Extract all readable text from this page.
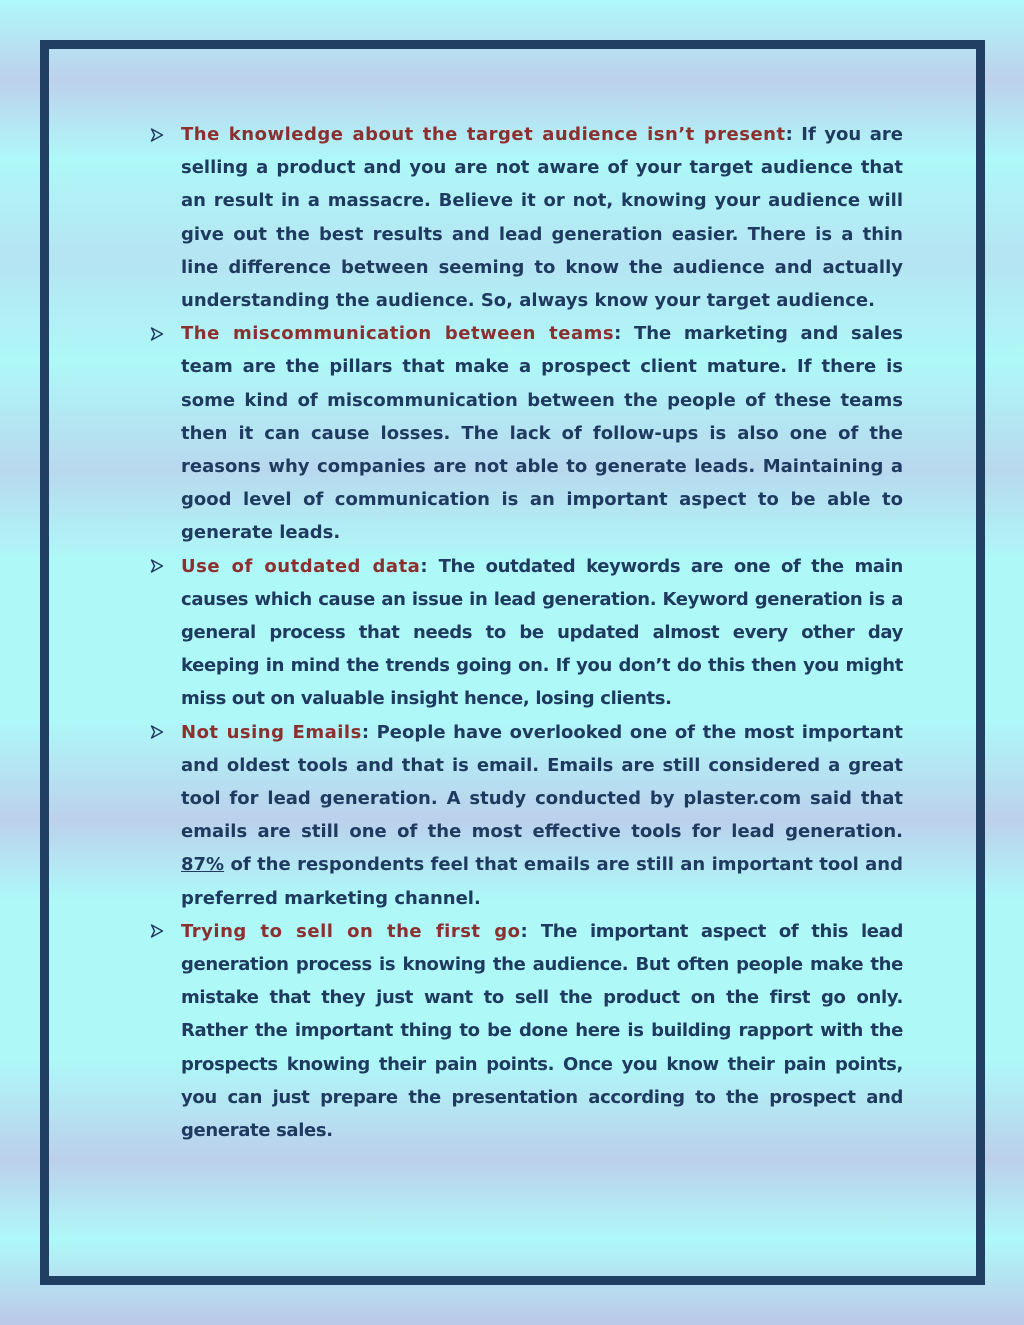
The knowledge about the target audience isn’t present: If you are selling a product and you are not aware of your target audience that an result in a massacre. Believe it or not, knowing your audience will give out the best results and lead generation easier. There is a thin line difference between seeming to know the audience and actually understanding the audience. So, always know your target audience.

The miscommunication between teams: The marketing and sales team are the pillars that make a prospect client mature. If there is some kind of miscommunication between the people of these teams then it can cause losses. The lack of follow-ups is also one of the reasons why companies are not able to generate leads. Maintaining a good level of communication is an important aspect to be able to generate leads.

Use of outdated data: The outdated keywords are one of the main causes which cause an issue in lead generation. Keyword generation is a general process that needs to be updated almost every other day keeping in mind the trends going on. If you don’t do this then you might miss out on valuable insight hence, losing clients.

Not using Emails: People have overlooked one of the most important and oldest tools and that is email. Emails are still considered a great tool for lead generation. A study conducted by plaster.com said that emails are still one of the most effective tools for lead generation. 87% of the respondents feel that emails are still an important tool and preferred marketing channel.

Trying to sell on the first go: The important aspect of this lead generation process is knowing the audience. But often people make the mistake that they just want to sell the product on the first go only. Rather the important thing to be done here is building rapport with the prospects knowing their pain points. Once you know their pain points, you can just prepare the presentation according to the prospect and generate sales.
